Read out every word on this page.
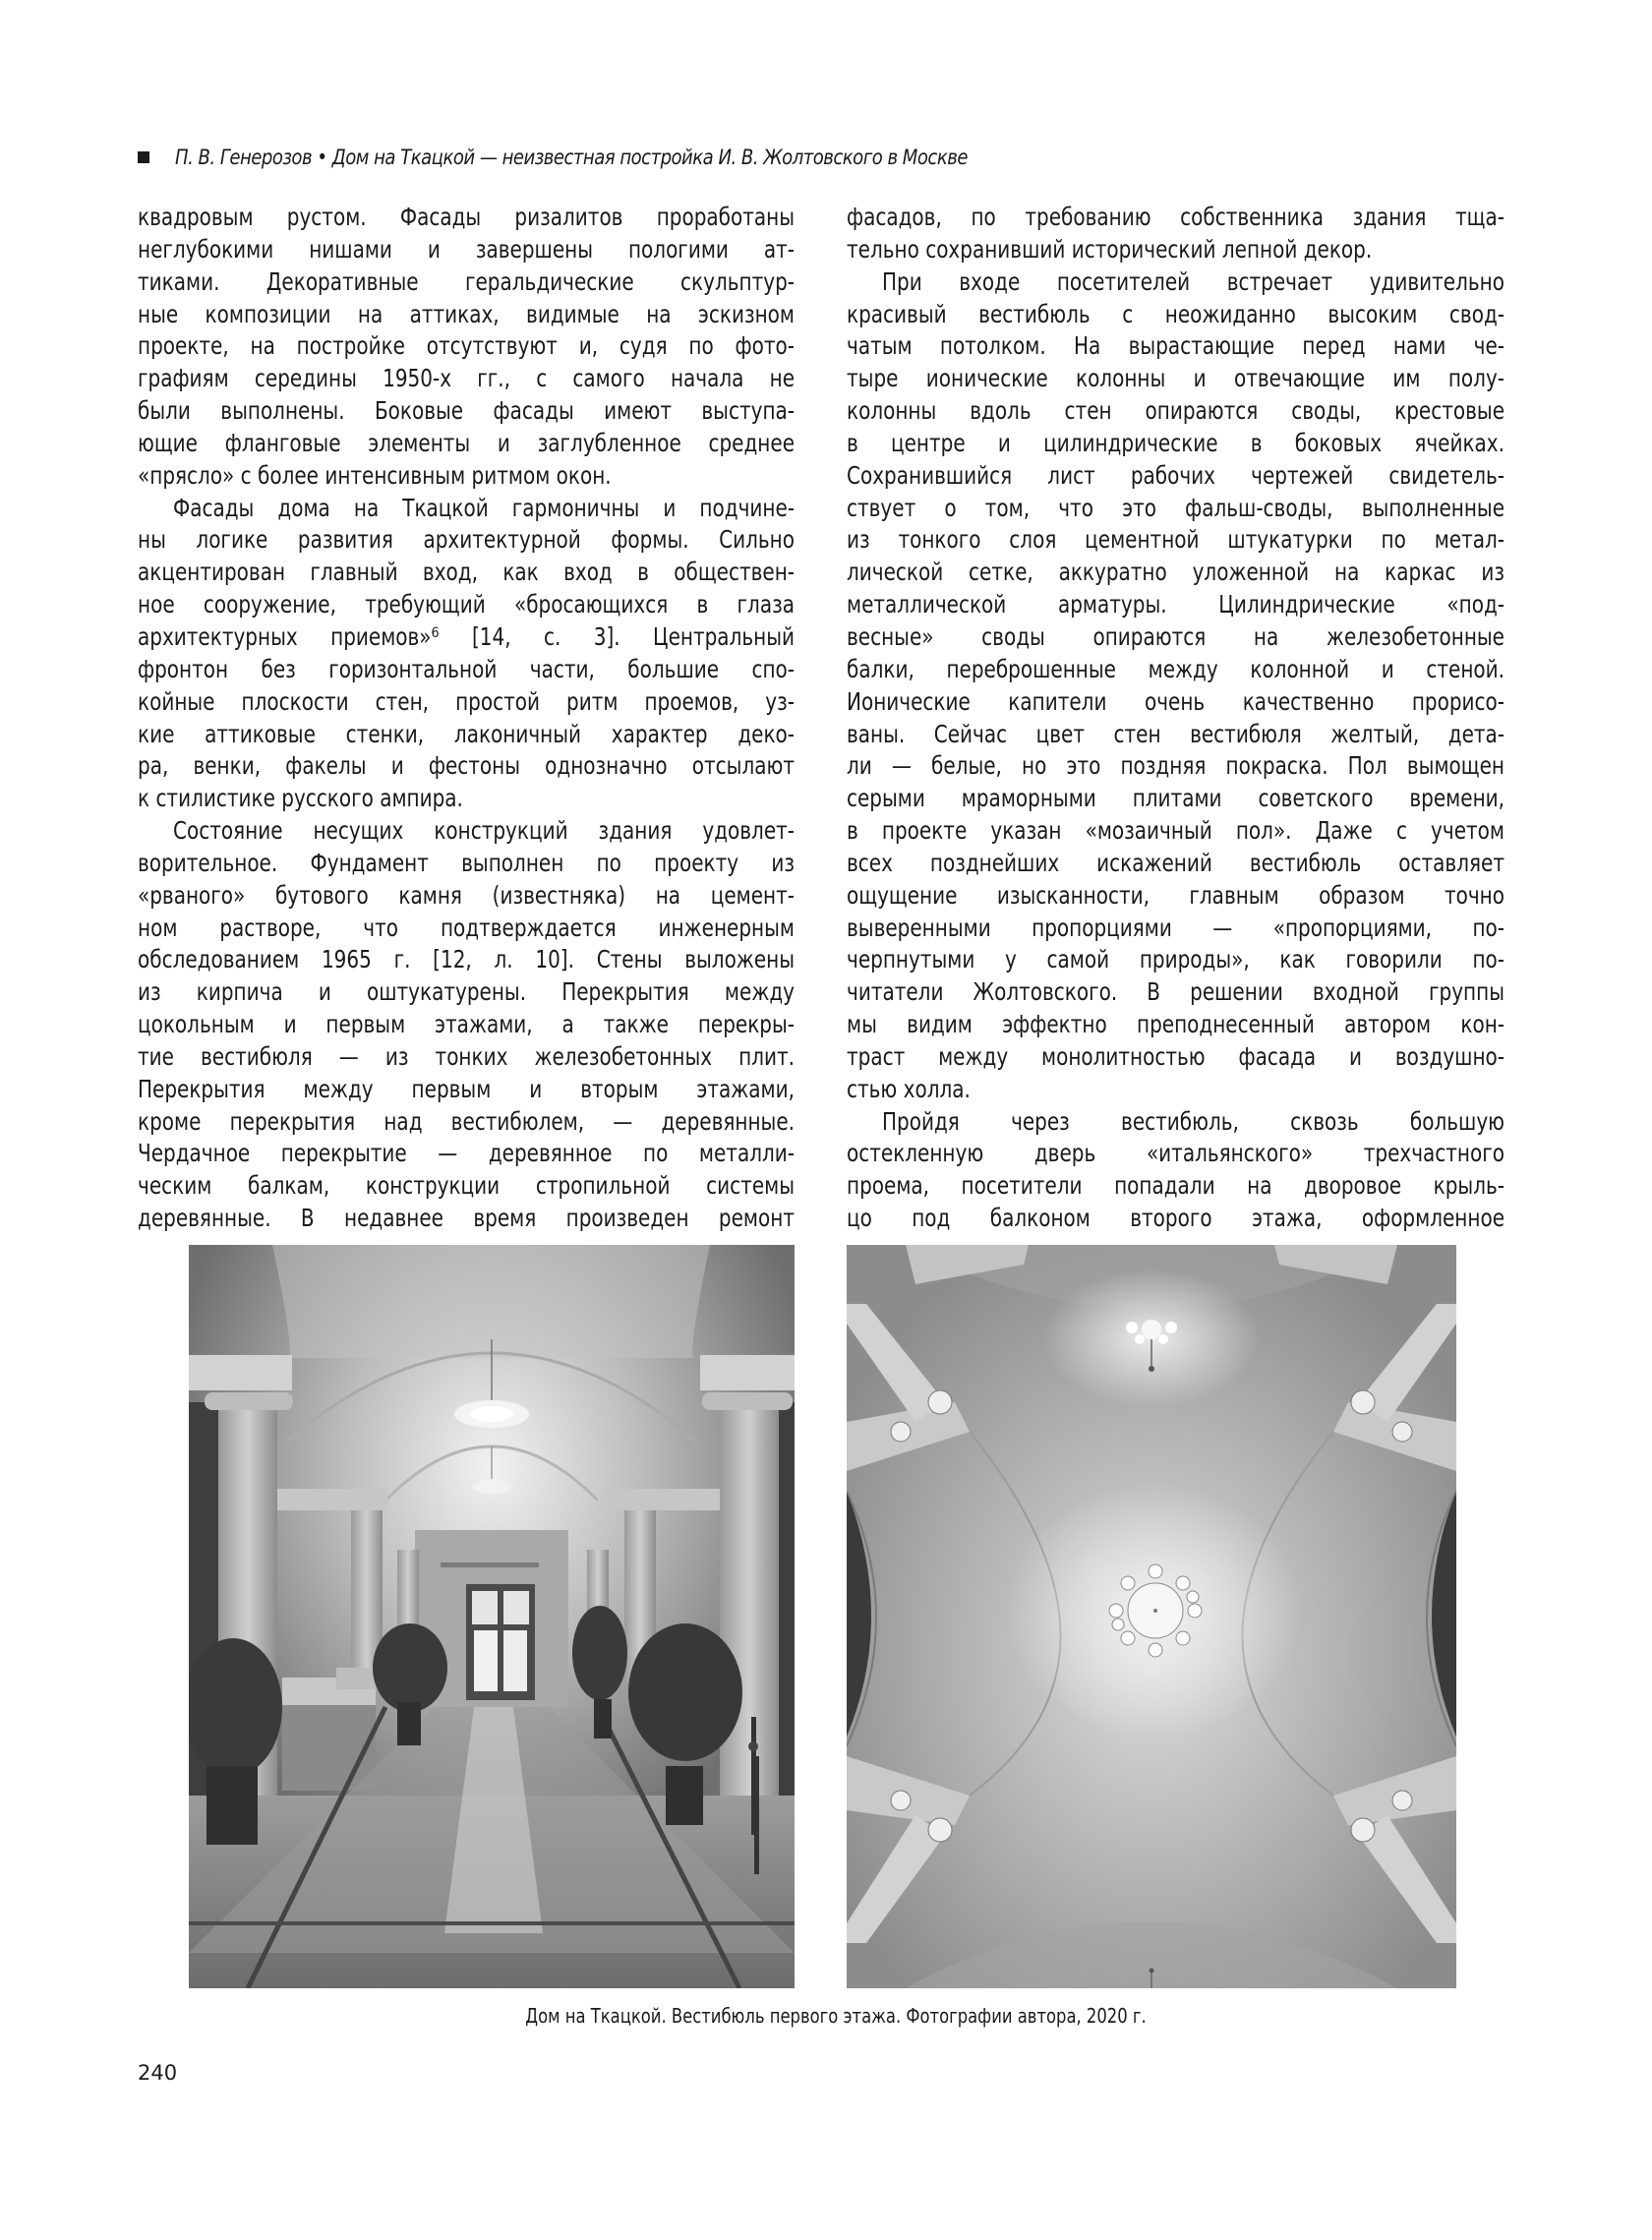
П. В. Генерозов • Дом на Ткацкой — неизвестная постройка И. В. Жолтовского в Москве
квадровым рустом. Фасады ризалитов проработаны
неглубокими нишами и завершены пологими ат-
тиками. Декоративные геральдические скульптур-
ные композиции на аттиках, видимые на эскизном
проекте, на постройке отсутствуют и, судя по фото-
графиям середины 1950-х гг., с самого начала не
были выполнены. Боковые фасады имеют выступа-
ющие фланговые элементы и заглубленное среднее
«прясло» с более интенсивным ритмом окон.
Фасады дома на Ткацкой гармоничны и подчине-
ны логике развития архитектурной формы. Сильно
акцентирован главный вход, как вход в обществен-
ное сооружение, требующий «бросающихся в глаза
архитектурных приемов»⁶ [14, с. 3]. Центральный
фронтон без горизонтальной части, большие спо-
койные плоскости стен, простой ритм проемов, уз-
кие аттиковые стенки, лаконичный характер деко-
ра, венки, факелы и фестоны однозначно отсылают
к стилистике русского ампира.
Состояние несущих конструкций здания удовлет-
ворительное. Фундамент выполнен по проекту из
«рваного» бутового камня (известняка) на цемент-
ном растворе, что подтверждается инженерным
обследованием 1965 г. [12, л. 10]. Стены выложены
из кирпича и оштукатурены. Перекрытия между
цокольным и первым этажами, а также перекры-
тие вестибюля — из тонких железобетонных плит.
Перекрытия между первым и вторым этажами,
кроме перекрытия над вестибюлем, — деревянные.
Чердачное перекрытие — деревянное по металли-
ческим балкам, конструкции стропильной системы
деревянные. В недавнее время произведен ремонт
фасадов, по требованию собственника здания тща-
тельно сохранивший исторический лепной декор.
При входе посетителей встречает удивительно
красивый вестибюль с неожиданно высоким свод-
чатым потолком. На вырастающие перед нами че-
тыре ионические колонны и отвечающие им полу-
колонны вдоль стен опираются своды, крестовые
в центре и цилиндрические в боковых ячейках.
Сохранившийся лист рабочих чертежей свидетель-
ствует о том, что это фальш-своды, выполненные
из тонкого слоя цементной штукатурки по метал-
лической сетке, аккуратно уложенной на каркас из
металлической арматуры. Цилиндрические «под-
весные» своды опираются на железобетонные
балки, переброшенные между колонной и стеной.
Ионические капители очень качественно прорисо-
ваны. Сейчас цвет стен вестибюля желтый, дета-
ли — белые, но это поздняя покраска. Пол вымощен
серыми мраморными плитами советского времени,
в проекте указан «мозаичный пол». Даже с учетом
всех позднейших искажений вестибюль оставляет
ощущение изысканности, главным образом точно
выверенными пропорциями — «пропорциями, по-
черпнутыми у самой природы», как говорили по-
читатели Жолтовского. В решении входной группы
мы видим эффектно преподнесенный автором кон-
траст между монолитностью фасада и воздушно-
стью холла.
Пройдя через вестибюль, сквозь большую
остекленную дверь «итальянского» трехчастного
проема, посетители попадали на дворовое крыль-
цо под балконом второго этажа, оформленное
Дом на Ткацкой. Вестибюль первого этажа. Фотографии автора, 2020 г.
240
